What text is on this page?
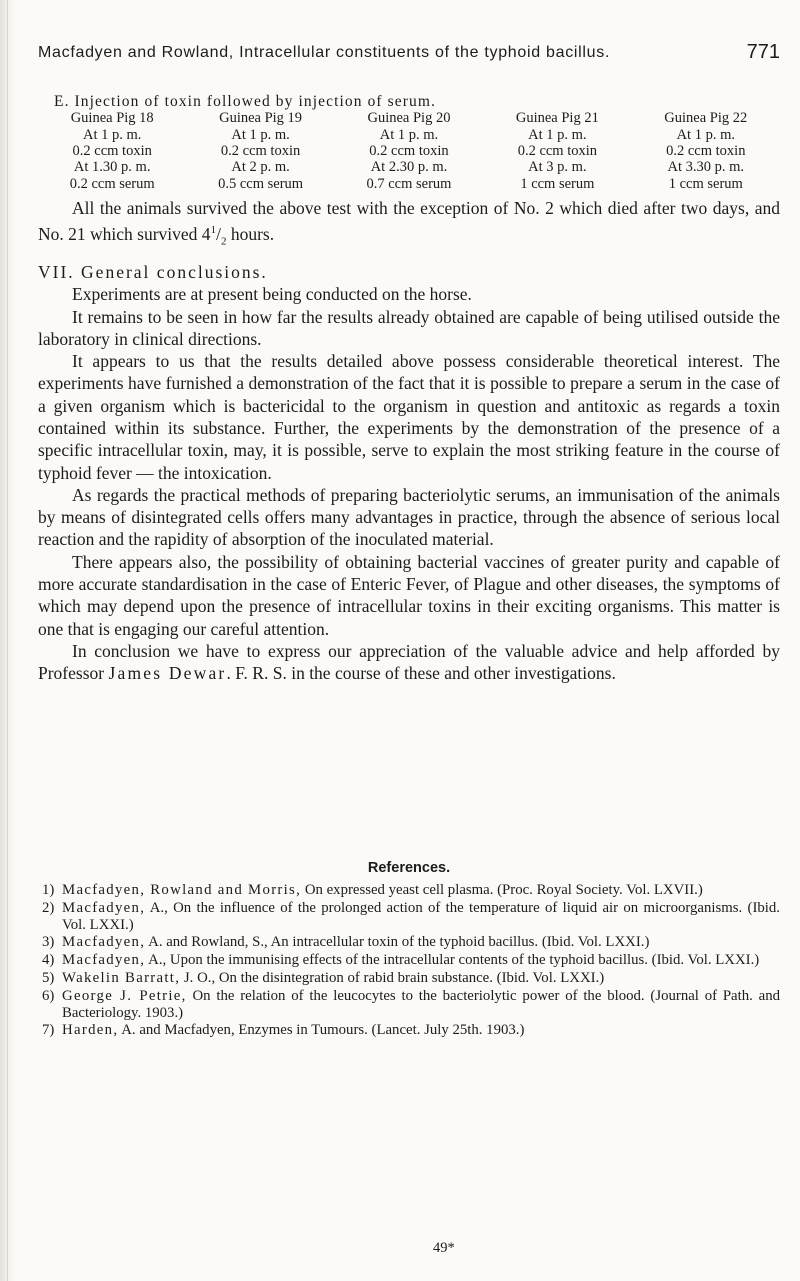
Macfadyen and Rowland, Intracellular constituents of the typhoid bacillus.	771
E. Injection of toxin followed by injection of serum.
Guinea Pig 18	Guinea Pig 19	Guinea Pig 20	Guinea Pig 21	Guinea Pig 22
At 1 p. m.	At 1 p. m.	At 1 p. m.	At 1 p. m.	At 1 p. m.
0.2 ccm toxin	0.2 ccm toxin	0.2 ccm toxin	0.2 ccm toxin	0.2 ccm toxin
At 1.30 p. m.	At 2 p. m.	At 2.30 p. m.	At 3 p. m.	At 3.30 p. m.
0.2 ccm serum	0.5 ccm serum	0.7 ccm serum	1 ccm serum	1 ccm serum

All the animals survived the above test with the exception of No. 2 which died after two days, and No. 21 which survived $4^1/_2$ hours.

VII. General conclusions.

Experiments are at present being conducted on the horse.

It remains to be seen in how far the results already obtained are capable of being utilised outside the laboratory in clinical directions.

It appears to us that the results detailed above possess considerable theoretical interest. The experiments have furnished a demonstration of the fact that it is possible to prepare a serum in the case of a given organism which is bactericidal to the organism in question and antitoxic as regards a toxin contained within its substance. Further, the experiments by the demonstration of the presence of a specific intracellular toxin, may, it is possible, serve to explain the most striking feature in the course of typhoid fever — the intoxication.

As regards the practical methods of preparing bacteriolytic serums, an immunisation of the animals by means of disintegrated cells offers many advantages in practice, through the absence of serious local reaction and the rapidity of absorption of the inoculated material.

There appears also, the possibility of obtaining bacterial vaccines of greater purity and capable of more accurate standardisation in the case of Enteric Fever, of Plague and other diseases, the symptoms of which may depend upon the presence of intracellular toxins in their exciting organisms. This matter is one that is engaging our careful attention.

In conclusion we have to express our appreciation of the valuable advice and help afforded by Professor James Dewar. F. R. S. in the course of these and other investigations.

References.
1) Macfadyen, Rowland and Morris, On expressed yeast cell plasma. (Proc. Royal Society. Vol. LXVII.)
2) Macfadyen, A., On the influence of the prolonged action of the temperature of liquid air on microorganisms. (Ibid. Vol. LXXI.)
3) Macfadyen, A. and Rowland, S., An intracellular toxin of the typhoid bacillus. (Ibid. Vol. LXXI.)
4) Macfadyen, A., Upon the immunising effects of the intracellular contents of the typhoid bacillus. (Ibid. Vol. LXXI.)
5) Wakelin Barratt, J. O., On the disintegration of rabid brain substance. (Ibid. Vol. LXXI.)
6) George J. Petrie, On the relation of the leucocytes to the bacteriolytic power of the blood. (Journal of Path. and Bacteriology. 1903.)
7) Harden, A. and Macfadyen, Enzymes in Tumours. (Lancet. July 25th. 1903.)
49*
